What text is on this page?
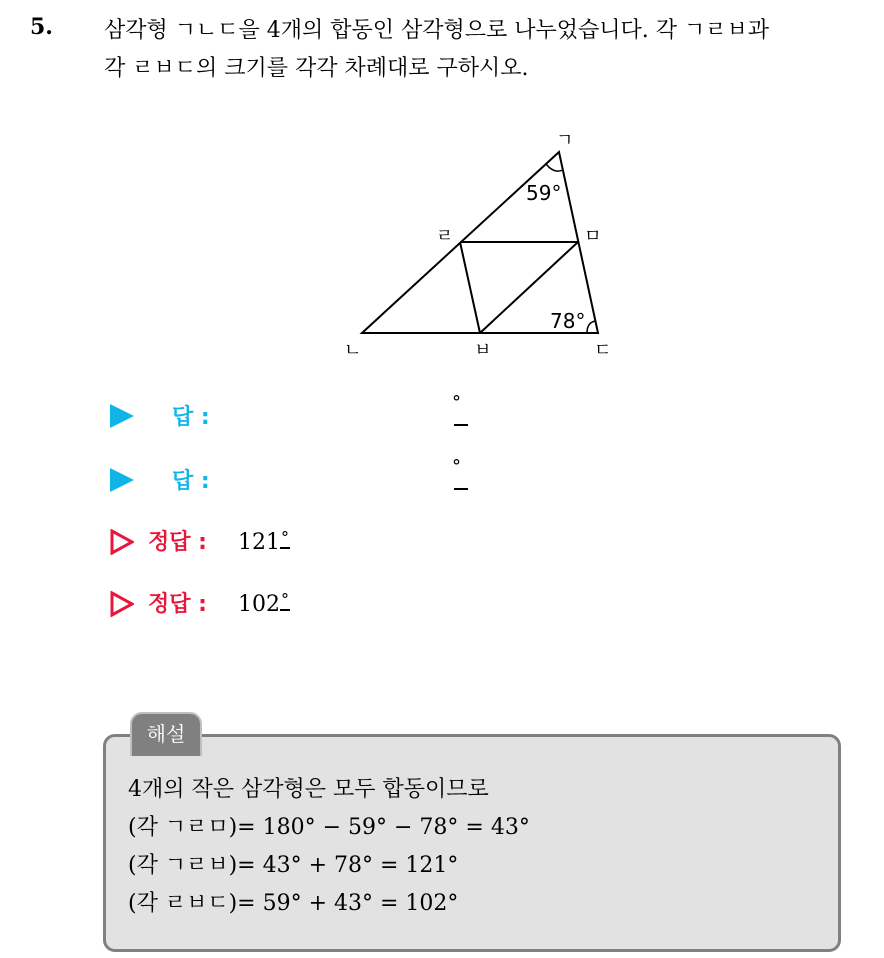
5. 삼각형 ㄱㄴㄷ을 4개의 합동인 삼각형으로 나누었습니다. 각 ㄱㄹㅂ과
각 ㄹㅂㄷ의 크기를 각각 차례대로 구하시오.
ㄱ
ㄹ	ㅁ
ㄴ	ㅂ	ㄷ
59°
78°
답 :
°
답 :
°
정답 : 121°
정답 : 102°
4개의 작은 삼각형은 모두 합동이므로
(각 ㄱㄹㅁ)= 180° − 59° − 78° = 43°
(각 ㄱㄹㅂ)= 43° + 78° = 121°
(각 ㄹㅂㄷ)= 59° + 43° = 102°
해설
